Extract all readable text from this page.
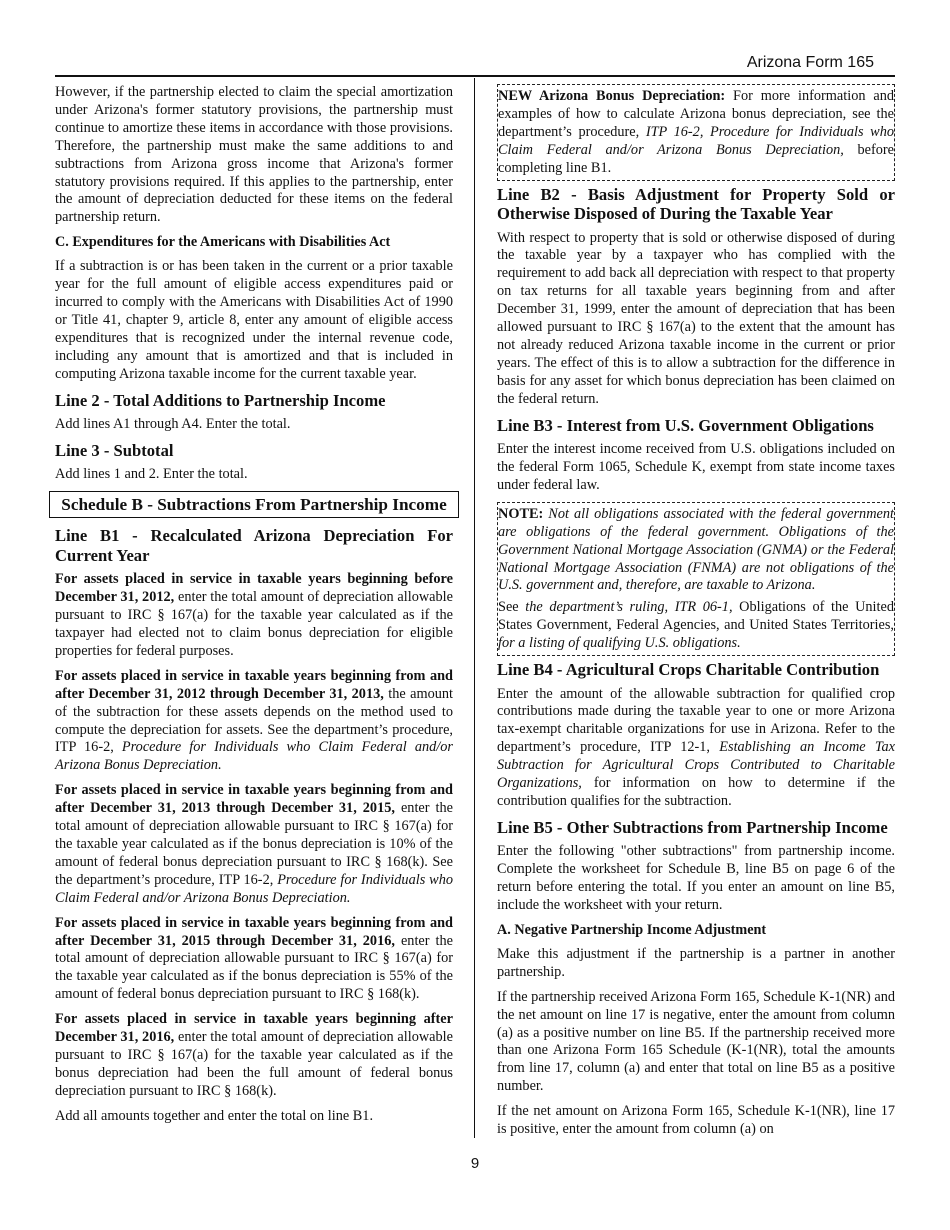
Arizona Form 165

However, if the partnership elected to claim the special amortization under Arizona's former statutory provisions, the partnership must continue to amortize these items in accordance with those provisions. Therefore, the partnership must make the same additions to and subtractions from Arizona gross income that Arizona's former statutory provisions required. If this applies to the partnership, enter the amount of depreciation deducted for these items on the federal partnership return.

C. Expenditures for the Americans with Disabilities Act

If a subtraction is or has been taken in the current or a prior taxable year for the full amount of eligible access expenditures paid or incurred to comply with the Americans with Disabilities Act of 1990 or Title 41, chapter 9, article 8, enter any amount of eligible access expenditures that is recognized under the internal revenue code, including any amount that is amortized and that is included in computing Arizona taxable income for the current taxable year.

Line 2 - Total Additions to Partnership Income

Add lines A1 through A4. Enter the total.

Line 3 - Subtotal

Add lines 1 and 2. Enter the total.

Schedule B - Subtractions From Partnership Income
Line B1 - Recalculated Arizona Depreciation For Current Year

For assets placed in service in taxable years beginning before December 31, 2012, enter the total amount of depreciation allowable pursuant to IRC § 167(a) for the taxable year calculated as if the taxpayer had elected not to claim bonus depreciation for eligible properties for federal purposes.

For assets placed in service in taxable years beginning from and after December 31, 2012 through December 31, 2013, the amount of the subtraction for these assets depends on the method used to compute the depreciation for assets. See the department’s procedure, ITP 16-2, Procedure for Individuals who Claim Federal and/or Arizona Bonus Depreciation.

For assets placed in service in taxable years beginning from and after December 31, 2013 through December 31, 2015, enter the total amount of depreciation allowable pursuant to IRC § 167(a) for the taxable year calculated as if the bonus depreciation is 10% of the amount of federal bonus depreciation pursuant to IRC § 168(k). See the department’s procedure, ITP 16-2, Procedure for Individuals who Claim Federal and/or Arizona Bonus Depreciation.

For assets placed in service in taxable years beginning from and after December 31, 2015 through December 31, 2016, enter the total amount of depreciation allowable pursuant to IRC § 167(a) for the taxable year calculated as if the bonus depreciation is 55% of the amount of federal bonus depreciation pursuant to IRC § 168(k).

For assets placed in service in taxable years beginning after December 31, 2016, enter the total amount of depreciation allowable pursuant to IRC § 167(a) for the taxable year calculated as if the bonus depreciation had been the full amount of federal bonus depreciation pursuant to IRC § 168(k).

Add all amounts together and enter the total on line B1.

NEW Arizona Bonus Depreciation: For more information and examples of how to calculate Arizona bonus depreciation, see the department’s procedure, ITP 16-2, Procedure for Individuals who Claim Federal and/or Arizona Bonus Depreciation, before completing line B1.

Line B2 - Basis Adjustment for Property Sold or Otherwise Disposed of During the Taxable Year

With respect to property that is sold or otherwise disposed of during the taxable year by a taxpayer who has complied with the requirement to add back all depreciation with respect to that property on tax returns for all taxable years beginning from and after December 31, 1999, enter the amount of depreciation that has been allowed pursuant to IRC § 167(a) to the extent that the amount has not already reduced Arizona taxable income in the current or prior years. The effect of this is to allow a subtraction for the difference in basis for any asset for which bonus depreciation has been claimed on the federal return.

Line B3 - Interest from U.S. Government Obligations

Enter the interest income received from U.S. obligations included on the federal Form 1065, Schedule K, exempt from state income taxes under federal law.

NOTE: Not all obligations associated with the federal government are obligations of the federal government. Obligations of the Government National Mortgage Association (GNMA) or the Federal National Mortgage Association (FNMA) are not obligations of the U.S. government and, therefore, are taxable to Arizona.

See the department’s ruling, ITR 06-1, Obligations of the United States Government, Federal Agencies, and United States Territories, for a listing of qualifying U.S. obligations.

Line B4 - Agricultural Crops Charitable Contribution

Enter the amount of the allowable subtraction for qualified crop contributions made during the taxable year to one or more Arizona tax-exempt charitable organizations for use in Arizona. Refer to the department’s procedure, ITP 12-1, Establishing an Income Tax Subtraction for Agricultural Crops Contributed to Charitable Organizations, for information on how to determine if the contribution qualifies for the subtraction.

Line B5 - Other Subtractions from Partnership Income

Enter the following "other subtractions" from partnership income. Complete the worksheet for Schedule B, line B5 on page 6 of the return before entering the total. If you enter an amount on line B5, include the worksheet with your return.

A. Negative Partnership Income Adjustment

Make this adjustment if the partnership is a partner in another partnership.

If the partnership received Arizona Form 165, Schedule K-1(NR) and the net amount on line 17 is negative, enter the amount from column (a) as a positive number on line B5. If the partnership received more than one Arizona Form 165 Schedule (K-1(NR), total the amounts from line 17, column (a) and enter that total on line B5 as a positive number.

If the net amount on Arizona Form 165, Schedule K-1(NR), line 17 is positive, enter the amount from column (a) on

9
